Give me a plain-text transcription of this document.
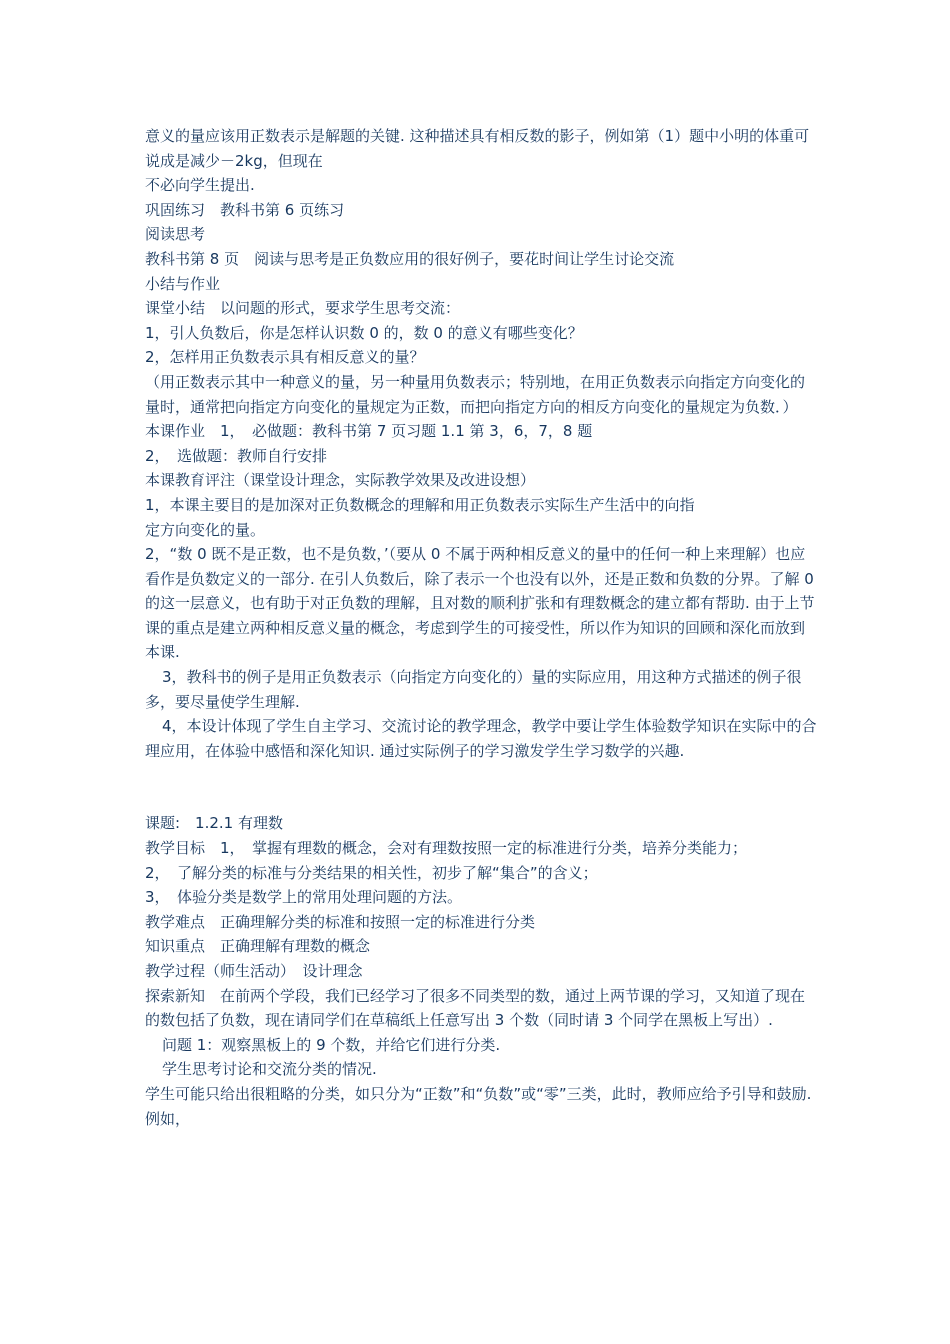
意义的量应该用正数表示是解题的关键. 这种描述具有相反数的影子，例如第（1）题中小明的体重可说成是减少－2kg，但现在

不必向学生提出.

巩固练习　教科书第 6 页练习

阅读思考

教科书第 8 页　阅读与思考是正负数应用的很好例子，要花时间让学生讨论交流

小结与作业

课堂小结　以问题的形式，要求学生思考交流：

1，引人负数后，你是怎样认识数 0 的，数 0 的意义有哪些变化？

2，怎样用正负数表示具有相反意义的量？

（用正数表示其中一种意义的量，另一种量用负数表示；特别地，在用正负数表示向指定方向变化的量时，通常把向指定方向变化的量规定为正数，而把向指定方向的相反方向变化的量规定为负数．）

本课作业　1，　必做题：教科书第 7 页习题 1.1 第 3，6，7，8 题

2，　选做题：教师自行安排

本课教育评注（课堂设计理念，实际教学效果及改进设想）

1，本课主要目的是加深对正负数概念的理解和用正负数表示实际生产生活中的向指

定方向变化的量。

2，“数 0 既不是正数，也不是负数，’（要从 0 不属于两种相反意义的量中的任何一种上来理解）也应看作是负数定义的一部分. 在引人负数后，除了表示一个也没有以外，还是正数和负数的分界。了解 0 的这一层意义，也有助于对正负数的理解，且对数的顺利扩张和有理数概念的建立都有帮助. 由于上节课的重点是建立两种相反意义量的概念，考虑到学生的可接受性，所以作为知识的回顾和深化而放到本课.

3，教科书的例子是用正负数表示（向指定方向变化的）量的实际应用，用这种方式描述的例子很多，要尽量使学生理解.

4，本设计体现了学生自主学习、交流讨论的教学理念，教学中要让学生体验数学知识在实际中的合理应用，在体验中感悟和深化知识. 通过实际例子的学习激发学生学习数学的兴趣.

课题:　1.2.1 有理数

教学目标　1，　掌握有理数的概念，会对有理数按照一定的标准进行分类，培养分类能力；

2，　了解分类的标准与分类结果的相关性，初步了解“集合”的含义；

3，　体验分类是数学上的常用处理问题的方法。

教学难点　正确理解分类的标准和按照一定的标准进行分类

知识重点　正确理解有理数的概念

教学过程（师生活动）　设计理念

探索新知　在前两个学段，我们已经学习了很多不同类型的数，通过上两节课的学习，又知道了现在的数包括了负数，现在请同学们在草稿纸上任意写出 3 个数（同时请 3 个同学在黑板上写出）.

问题 1：观察黑板上的 9 个数，并给它们进行分类.

学生思考讨论和交流分类的情况.

学生可能只给出很粗略的分类，如只分为“正数”和“负数”或“零”三类，此时，教师应给予引导和鼓励.

例如，
